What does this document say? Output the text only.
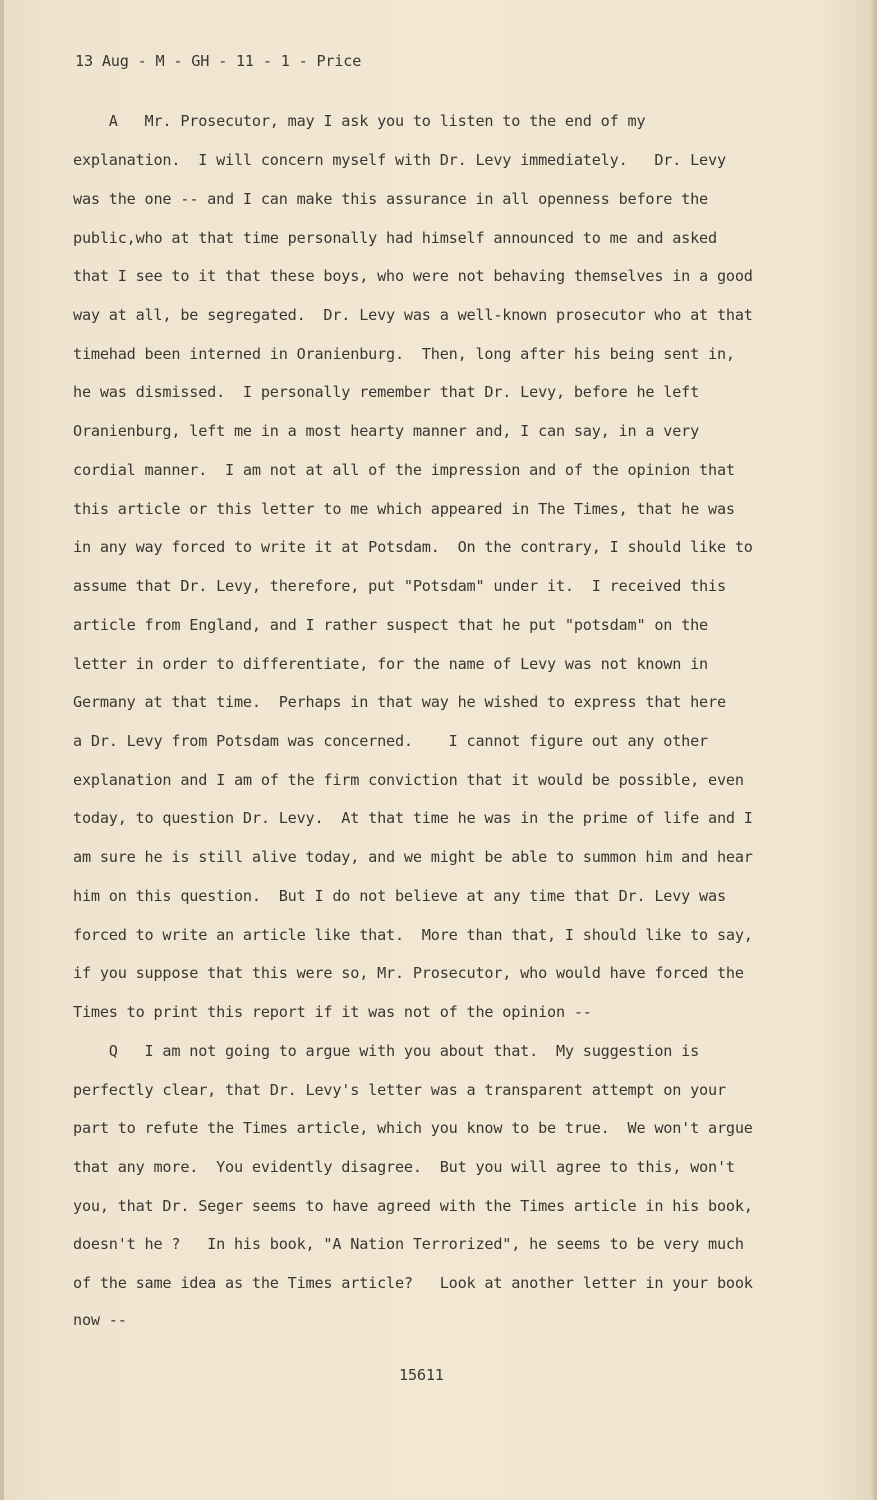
13 Aug - M - GH - 11 - 1 - Price
A   Mr. Prosecutor, may I ask you to listen to the end of my
explanation.  I will concern myself with Dr. Levy immediately.   Dr. Levy
was the one -- and I can make this assurance in all openness before the
public,who at that time personally had himself announced to me and asked
that I see to it that these boys, who were not behaving themselves in a good
way at all, be segregated.  Dr. Levy was a well-known prosecutor who at that
timehad been interned in Oranienburg.  Then, long after his being sent in,
he was dismissed.  I personally remember that Dr. Levy, before he left
Oranienburg, left me in a most hearty manner and, I can say, in a very
cordial manner.  I am not at all of the impression and of the opinion that
this article or this letter to me which appeared in The Times, that he was
in any way forced to write it at Potsdam.  On the contrary, I should like to
assume that Dr. Levy, therefore, put "Potsdam" under it.  I received this
article from England, and I rather suspect that he put "potsdam" on the
letter in order to differentiate, for the name of Levy was not known in
Germany at that time.  Perhaps in that way he wished to express that here
a Dr. Levy from Potsdam was concerned.    I cannot figure out any other
explanation and I am of the firm conviction that it would be possible, even
today, to question Dr. Levy.  At that time he was in the prime of life and I
am sure he is still alive today, and we might be able to summon him and hear
him on this question.  But I do not believe at any time that Dr. Levy was
forced to write an article like that.  More than that, I should like to say,
if you suppose that this were so, Mr. Prosecutor, who would have forced the
Times to print this report if it was not of the opinion --
Q   I am not going to argue with you about that.  My suggestion is
perfectly clear, that Dr. Levy's letter was a transparent attempt on your
part to refute the Times article, which you know to be true.  We won't argue
that any more.  You evidently disagree.  But you will agree to this, won't
you, that Dr. Seger seems to have agreed with the Times article in his book,
doesn't he ?   In his book, "A Nation Terrorized", he seems to be very much
of the same idea as the Times article?   Look at another letter in your book
now --
15611
